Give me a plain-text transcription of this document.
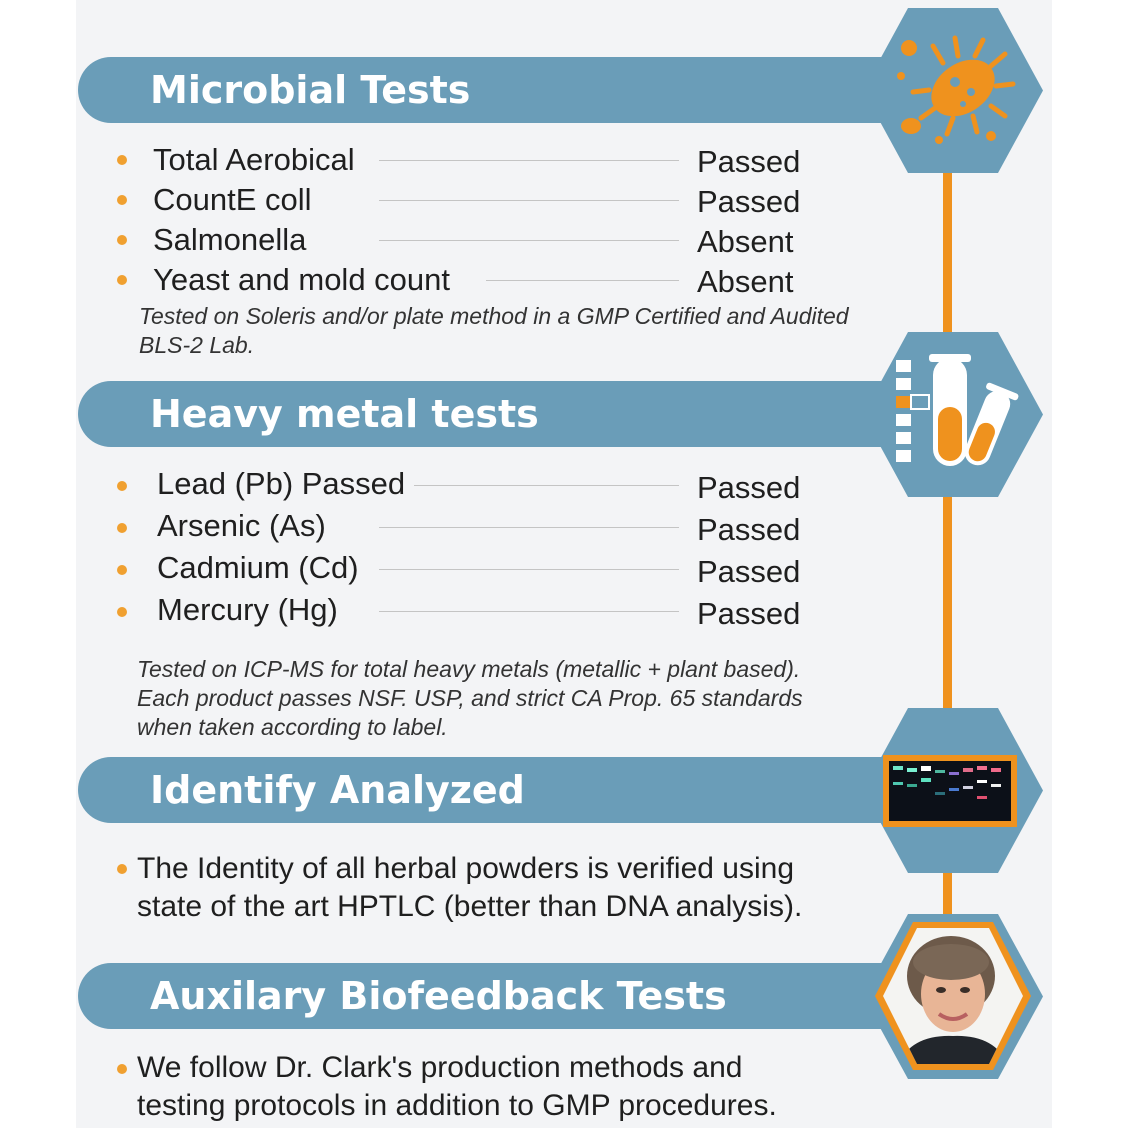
Microbial Tests
Total Aerobical	Passed
CountE coll	Passed
Salmonella	Absent
Yeast and mold count	Absent
Tested on Soleris and/or plate method in a GMP Certified and Audited
BLS-2 Lab.
Heavy metal tests
Lead (Pb) Passed	Passed
Arsenic (As)	Passed
Cadmium (Cd)	Passed
Mercury (Hg)	Passed
Tested on ICP-MS for total heavy metals (metallic + plant based).
Each product passes NSF. USP, and strict CA Prop. 65 standards
when taken according to label.
Identify Analyzed
The Identity of all herbal powders is verified using
state of the art HPTLC (better than DNA analysis).
Auxilary Biofeedback Tests
We follow Dr. Clark's production methods and
testing protocols in addition to GMP procedures.
